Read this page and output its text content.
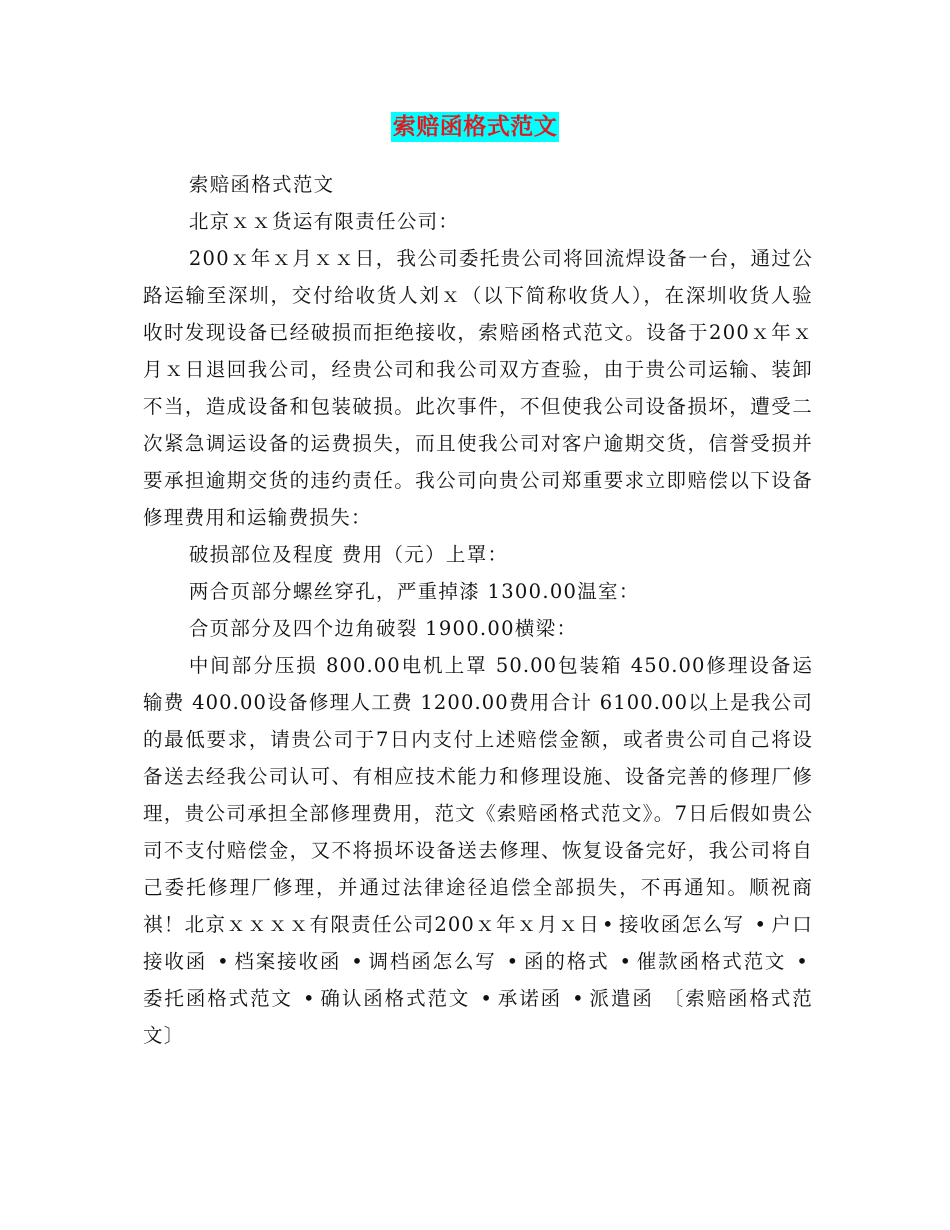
索赔函格式范文

索赔函格式范文

北京ｘｘ货运有限责任公司：

200ｘ年ｘ月ｘｘ日，我公司委托贵公司将回流焊设备一台，通过公路运输至深圳，交付给收货人刘ｘ（以下简称收货人），在深圳收货人验收时发现设备已经破损而拒绝接收，索赔函格式范文。设备于200ｘ年ｘ月ｘ日退回我公司，经贵公司和我公司双方查验，由于贵公司运输、装卸不当，造成设备和包装破损。此次事件，不但使我公司设备损坏，遭受二次紧急调运设备的运费损失，而且使我公司对客户逾期交货，信誉受损并要承担逾期交货的违约责任。我公司向贵公司郑重要求立即赔偿以下设备修理费用和运输费损失：

破损部位及程度 费用（元）上罩：

两合页部分螺丝穿孔，严重掉漆 1300.00温室：

合页部分及四个边角破裂 1900.00横梁：

中间部分压损 800.00电机上罩 50.00包装箱 450.00修理设备运输费 400.00设备修理人工费 1200.00费用合计 6100.00以上是我公司的最低要求，请贵公司于7日内支付上述赔偿金额，或者贵公司自己将设备送去经我公司认可、有相应技术能力和修理设施、设备完善的修理厂修理，贵公司承担全部修理费用，范文《索赔函格式范文》。7日后假如贵公司不支付赔偿金，又不将损坏设备送去修理、恢复设备完好，我公司将自己委托修理厂修理，并通过法律途径追偿全部损失，不再通知。顺祝商祺！北京ｘｘｘｘ有限责任公司200ｘ年ｘ月ｘ日 • 接收函怎么写 • 户口接收函 • 档案接收函 • 调档函怎么写 • 函的格式 • 催款函格式范文 •委托函格式范文 • 确认函格式范文 • 承诺函 • 派遣函 〔索赔函格式范文〕
